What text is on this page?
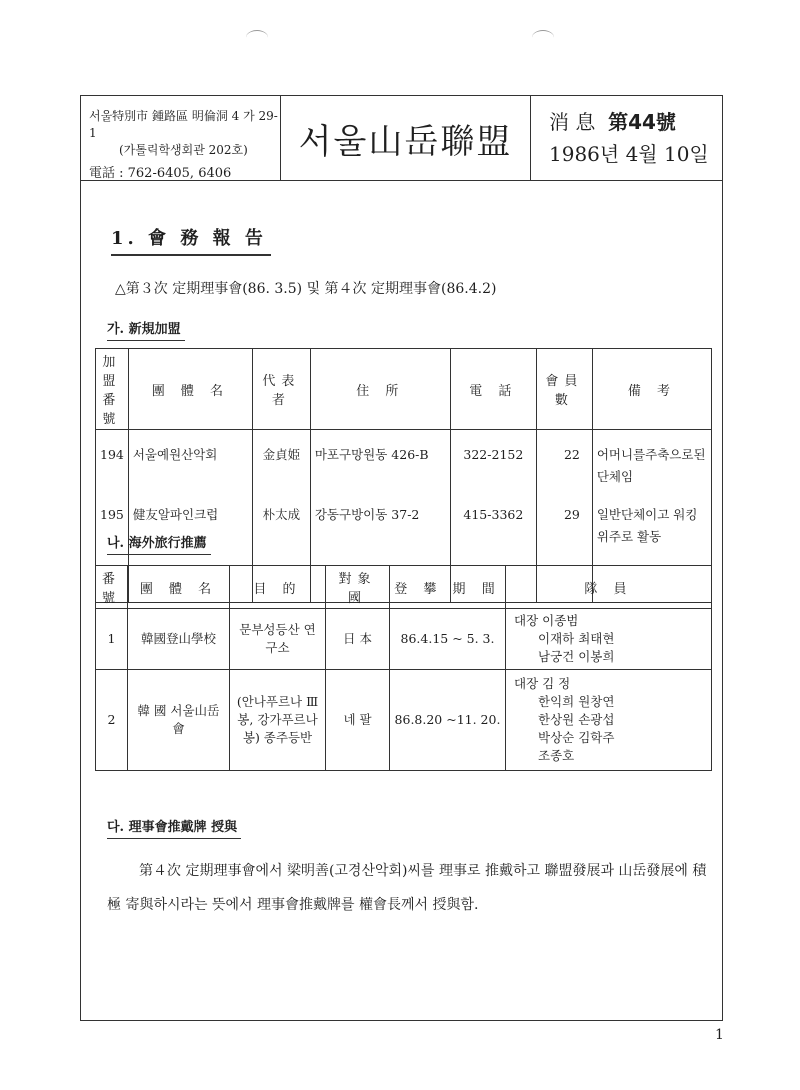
서울特別市 鍾路區 明倫洞 4 가 29-1
(가톨릭학생회관 202호)
電話 : 762-6405, 6406
서울山岳聯盟	消 息 第44號
1986년 4월 10일
1. 會 務 報 告
△第３次 定期理事會(86. 3.5) 및 第４次 定期理事會(86.4.2)
가. 新規加盟
加盟番號	團 體 名	代表者	住 所	電 話	會員數	備 考
194	서울예원산악회	金貞姫	마포구망원동 426-B	322-2152	22	어머니를주축으로된 단체임
195	健友알파인크럽	朴太成	강동구방이동 37-2	415-3362	29	일반단체이고 워킹위주로 활동
나. 海外旅行推薦
番號	團 體 名	目 的	對象國	登 攀 期 間	隊 員
1	韓國登山學校	문부성등산 연구소	日 本	86.4.15 ~ 5. 3.	대장 이종범
이재하 최태현
남궁건 이봉희

2	韓 國 서울山岳會	(안나푸르나 Ⅲ봉, 강가푸르나봉) 종주등반	네 팔	86.8.20 ~11. 20.	대장 김 정
한익희 원창연
한상원 손광섭
박상순 김학주
조종호
다. 理事會推戴牌 授與
第４次 定期理事會에서 梁明善(고경산악회)씨를 理事로 推戴하고 聯盟發展과 山岳發展에 積極 寄與하시라는 뜻에서 理事會推戴牌를 權會長께서 授與함.
1
